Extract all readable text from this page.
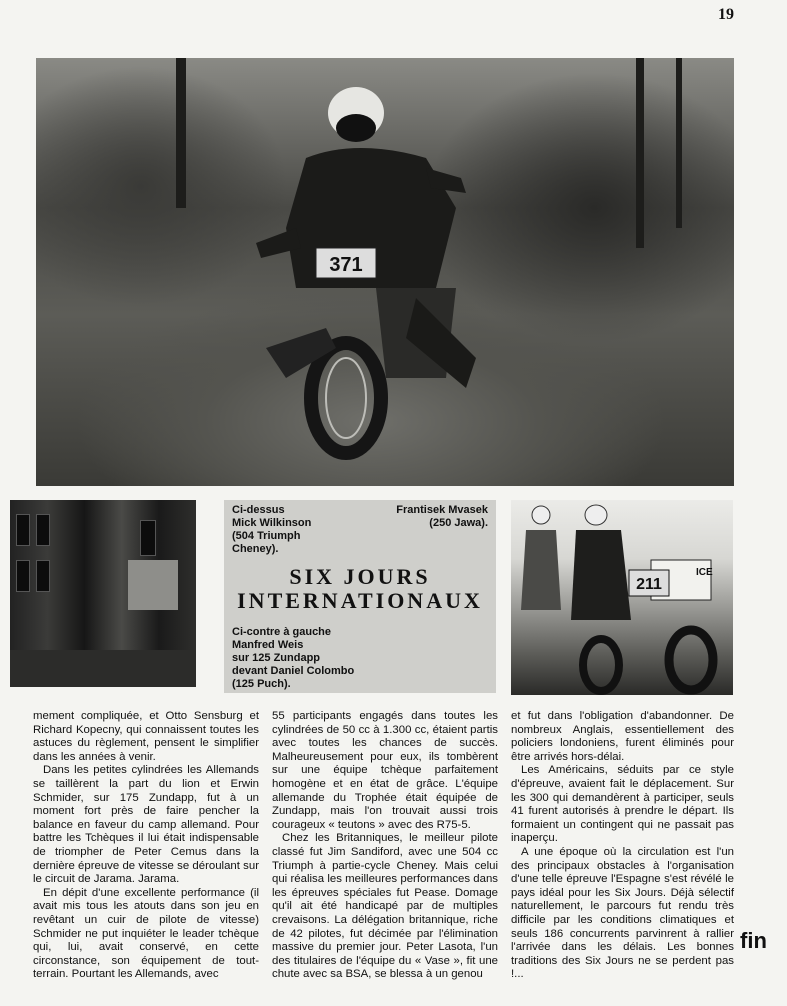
19
371
Ci-dessus
Mick Wilkinson
(504 Triumph
Cheney).
Frantisek Mvasek
(250 Jawa).
SIX JOURS
INTERNATIONAUX
Ci-contre à gauche
Manfred Weis
sur 125 Zundapp
devant Daniel Colombo
(125 Puch).
ICE
211

mement compliquée, et Otto Sensburg et Richard Kopecny, qui connaissent toutes les astuces du règlement, pensent le simplifier dans les années à venir.

Dans les petites cylindrées les Allemands se taillèrent la part du lion et Erwin Schmider, sur 175 Zundapp, fut à un moment fort près de faire pencher la balance en faveur du camp allemand. Pour battre les Tchèques il lui était indispensable de triompher de Peter Cemus dans la dernière épreuve de vitesse se déroulant sur le circuit de Jarama. Jarama.

En dépit d'une excellente performance (il avait mis tous les atouts dans son jeu en revêtant un cuir de pilote de vitesse) Schmider ne put inquiéter le leader tchèque qui, lui, avait conservé, en cette circonstance, son équipement de tout-terrain. Pourtant les Allemands, avec

55 participants engagés dans toutes les cylindrées de 50 cc à 1.300 cc, étaient partis avec toutes les chances de succès. Malheureusement pour eux, ils tombèrent sur une équipe tchèque parfaitement homogène et en état de grâce. L'équipe allemande du Trophée était équipée de Zundapp, mais l'on trouvait aussi trois courageux « teutons » avec des R75-5.

Chez les Britanniques, le meilleur pilote classé fut Jim Sandiford, avec une 504 cc Triumph à partie-cycle Cheney. Mais celui qui réalisa les meilleures performances dans les épreuves spéciales fut Pease. Domage qu'il ait été handicapé par de multiples crevaisons. La délégation britannique, riche de 42 pilotes, fut décimée par l'élimination massive du premier jour. Peter Lasota, l'un des titulaires de l'équipe du « Vase », fit une chute avec sa BSA, se blessa à un genou

et fut dans l'obligation d'abandonner. De nombreux Anglais, essentiellement des policiers londoniens, furent éliminés pour être arrivés hors-délai.

Les Américains, séduits par ce style d'épreuve, avaient fait le déplacement. Sur les 300 qui demandèrent à participer, seuls 41 furent autorisés à prendre le départ. Ils formaient un contingent qui ne passait pas inaperçu.

A une époque où la circulation est l'un des principaux obstacles à l'organisation d'une telle épreuve l'Espagne s'est révélé le pays idéal pour les Six Jours. Déjà sélectif naturellement, le parcours fut rendu très difficile par les conditions climatiques et seuls 186 concurrents parvinrent à rallier l'arrivée dans les délais. Les bonnes traditions des Six Jours ne se perdent pas !...

fin
